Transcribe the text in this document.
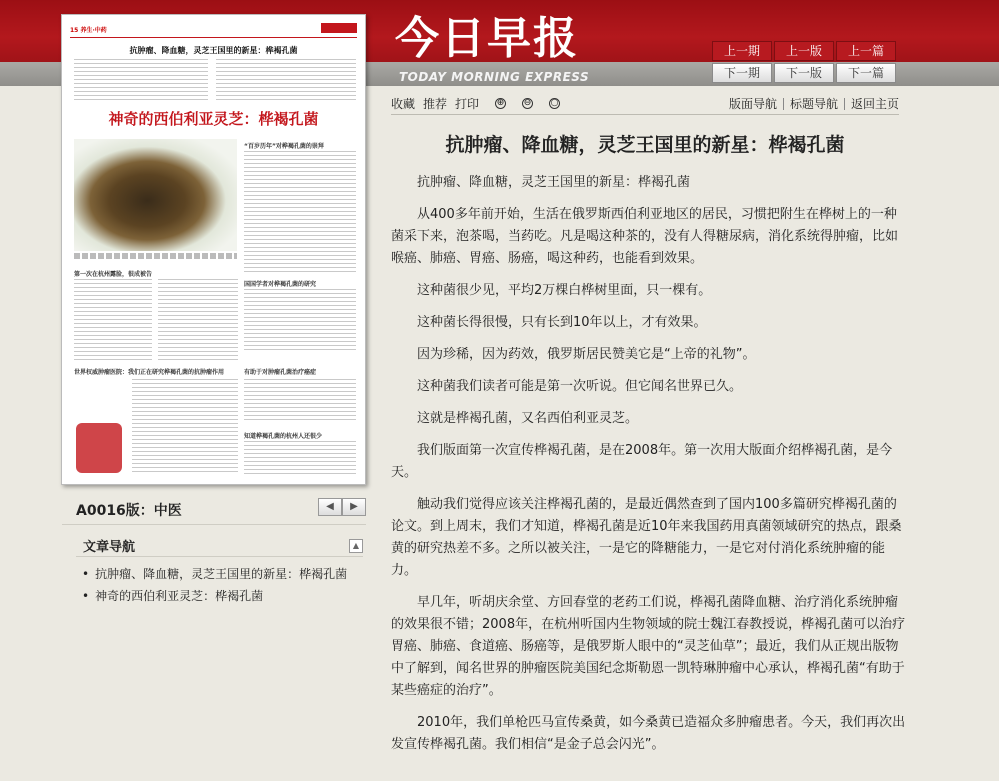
今日早报
TODAY MORNING EXPRESS
上一期	上一版	上一篇
下一期	下一版	下一篇
15 养生·中药
抗肿瘤、降血糖，灵芝王国里的新星：桦褐孔菌
神奇的西伯利亚灵芝：桦褐孔菌
“百岁历年”对桦褐孔菌的崇拜
第一次在杭州露脸，很成被告
国国学者对桦褐孔菌的研究
世界权威肿瘤医院：我们正在研究桦褐孔菌的抗肿瘤作用	有助于对肿瘤孔菌治疗癌症
知道桦褐孔菌的杭州人还很少
A0016版：中医	◀	▶
文章导航	▲
• 抗肿瘤、降血糖，灵芝王国里的新星：桦褐孔菌
• 神奇的西伯利亚灵芝：桦褐孔菌
收藏 推荐 打印 ⊕ ⊖ ○	版面导航	标题导航	返回主页
抗肿瘤、降血糖，灵芝王国里的新星：桦褐孔菌

抗肿瘤、降血糖，灵芝王国里的新星：桦褐孔菌

从400多年前开始，生活在俄罗斯西伯利亚地区的居民，习惯把附生在桦树上的一种菌采下来，泡茶喝，当药吃。凡是喝这种茶的，没有人得糖尿病，消化系统得肿瘤，比如喉癌、肺癌、胃癌、肠癌，喝这种药，也能看到效果。

这种菌很少见，平均2万棵白桦树里面，只一棵有。

这种菌长得很慢，只有长到10年以上，才有效果。

因为珍稀，因为药效，俄罗斯居民赞美它是“上帝的礼物”。

这种菌我们读者可能是第一次听说。但它闻名世界已久。

这就是桦褐孔菌，又名西伯利亚灵芝。

我们版面第一次宣传桦褐孔菌，是在2008年。第一次用大版面介绍桦褐孔菌，是今天。

触动我们觉得应该关注桦褐孔菌的，是最近偶然查到了国内100多篇研究桦褐孔菌的论文。到上周末，我们才知道，桦褐孔菌是近10年来我国药用真菌领域研究的热点，跟桑黄的研究热差不多。之所以被关注，一是它的降糖能力，一是它对付消化系统肿瘤的能力。

早几年，听胡庆余堂、方回春堂的老药工们说，桦褐孔菌降血糖、治疗消化系统肿瘤的效果很不错；2008年，在杭州听国内生物领域的院士魏江春教授说，桦褐孔菌可以治疗胃癌、肺癌、食道癌、肠癌等，是俄罗斯人眼中的“灵芝仙草”；最近，我们从正规出版物中了解到，闻名世界的肿瘤医院美国纪念斯勒恩一凯特琳肿瘤中心承认，桦褐孔菌“有助于某些癌症的治疗”。

2010年，我们单枪匹马宣传桑黄，如今桑黄已造福众多肿瘤患者。今天，我们再次出发宣传桦褐孔菌。我们相信“是金子总会闪光”。
